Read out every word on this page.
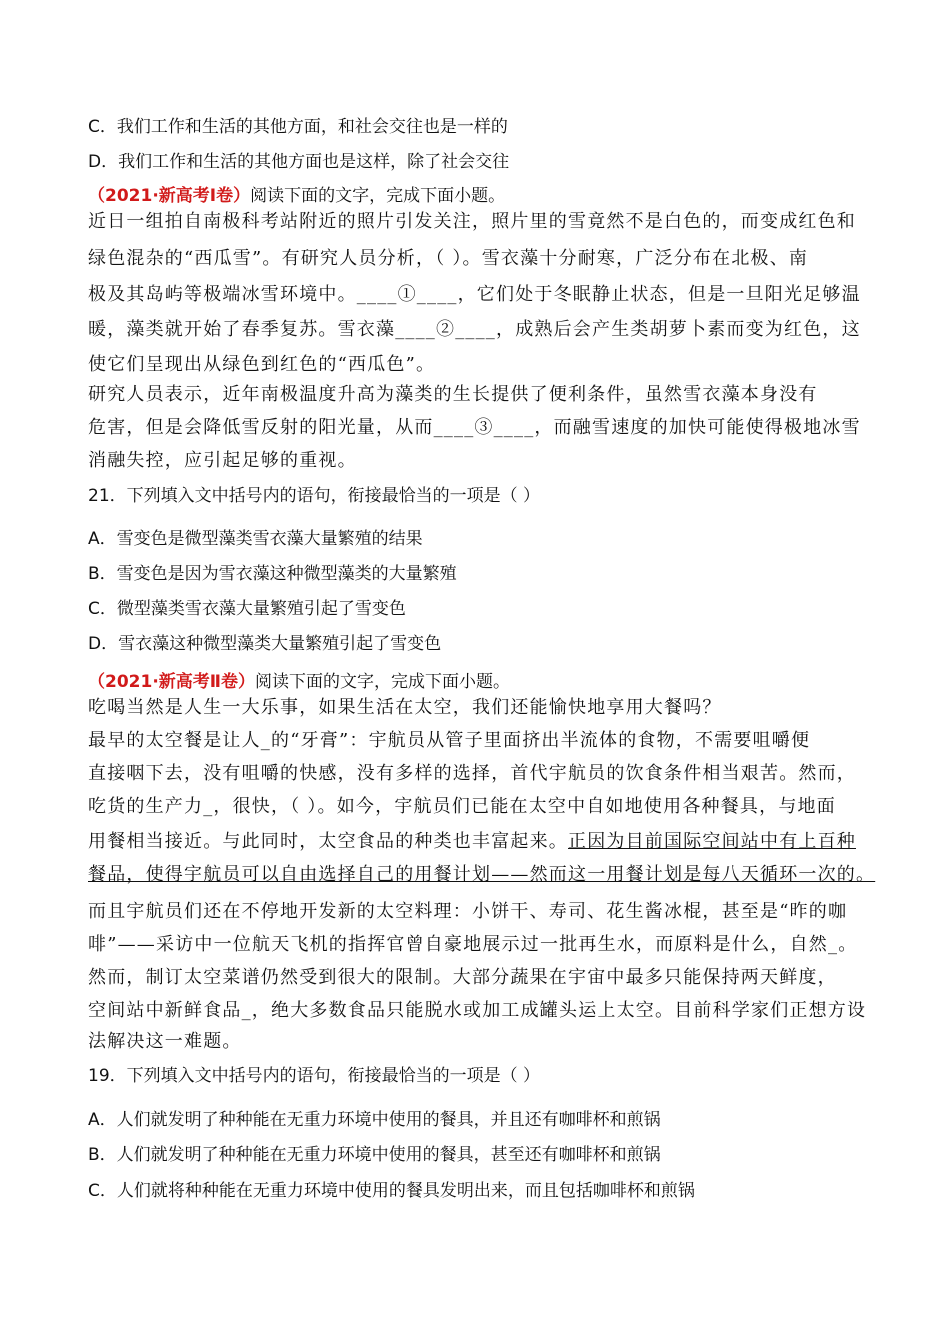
C．我们工作和生活的其他方面，和社会交往也是一样的
D．我们工作和生活的其他方面也是这样，除了社会交往
（2021·新高考Ⅰ卷）阅读下面的文字，完成下面小题。
近日一组拍自南极科考站附近的照片引发关注，照片里的雪竟然不是白色的，而变成红色和
绿色混杂的“西瓜雪”。有研究人员分析，（ ）。雪衣藻十分耐寒，广泛分布在北极、南
极及其岛屿等极端冰雪环境中。____①____，它们处于冬眠静止状态，但是一旦阳光足够温
暖，藻类就开始了春季复苏。雪衣藻____②____，成熟后会产生类胡萝卜素而变为红色，这
使它们呈现出从绿色到红色的“西瓜色”。
研究人员表示，近年南极温度升高为藻类的生长提供了便利条件，虽然雪衣藻本身没有
危害，但是会降低雪反射的阳光量，从而____③____，而融雪速度的加快可能使得极地冰雪
消融失控，应引起足够的重视。
21．下列填入文中括号内的语句，衔接最恰当的一项是（ ）
A．雪变色是微型藻类雪衣藻大量繁殖的结果
B．雪变色是因为雪衣藻这种微型藻类的大量繁殖
C．微型藻类雪衣藻大量繁殖引起了雪变色
D．雪衣藻这种微型藻类大量繁殖引起了雪变色
（2021·新高考Ⅱ卷）阅读下面的文字，完成下面小题。
吃喝当然是人生一大乐事，如果生活在太空，我们还能愉快地享用大餐吗？
最早的太空餐是让人_的“牙膏”：宇航员从管子里面挤出半流体的食物，不需要咀嚼便
直接咽下去，没有咀嚼的快感，没有多样的选择，首代宇航员的饮食条件相当艰苦。然而，
吃货的生产力_，很快，（ ）。如今，宇航员们已能在太空中自如地使用各种餐具，与地面
用餐相当接近。与此同时，太空食品的种类也丰富起来。正因为目前国际空间站中有上百种
餐品，使得宇航员可以自由选择自己的用餐计划——然而这一用餐计划是每八天循环一次的。
而且宇航员们还在不停地开发新的太空料理：小饼干、寿司、花生酱冰棍，甚至是“昨的咖
啡”——采访中一位航天飞机的指挥官曾自豪地展示过一批再生水，而原料是什么，自然_。
然而，制订太空菜谱仍然受到很大的限制。大部分蔬果在宇宙中最多只能保持两天鲜度，
空间站中新鲜食品_，绝大多数食品只能脱水或加工成罐头运上太空。目前科学家们正想方设
法解决这一难题。
19．下列填入文中括号内的语句，衔接最恰当的一项是（ ）
A．人们就发明了种种能在无重力环境中使用的餐具，并且还有咖啡杯和煎锅
B．人们就发明了种种能在无重力环境中使用的餐具，甚至还有咖啡杯和煎锅
C．人们就将种种能在无重力环境中使用的餐具发明出来，而且包括咖啡杯和煎锅
